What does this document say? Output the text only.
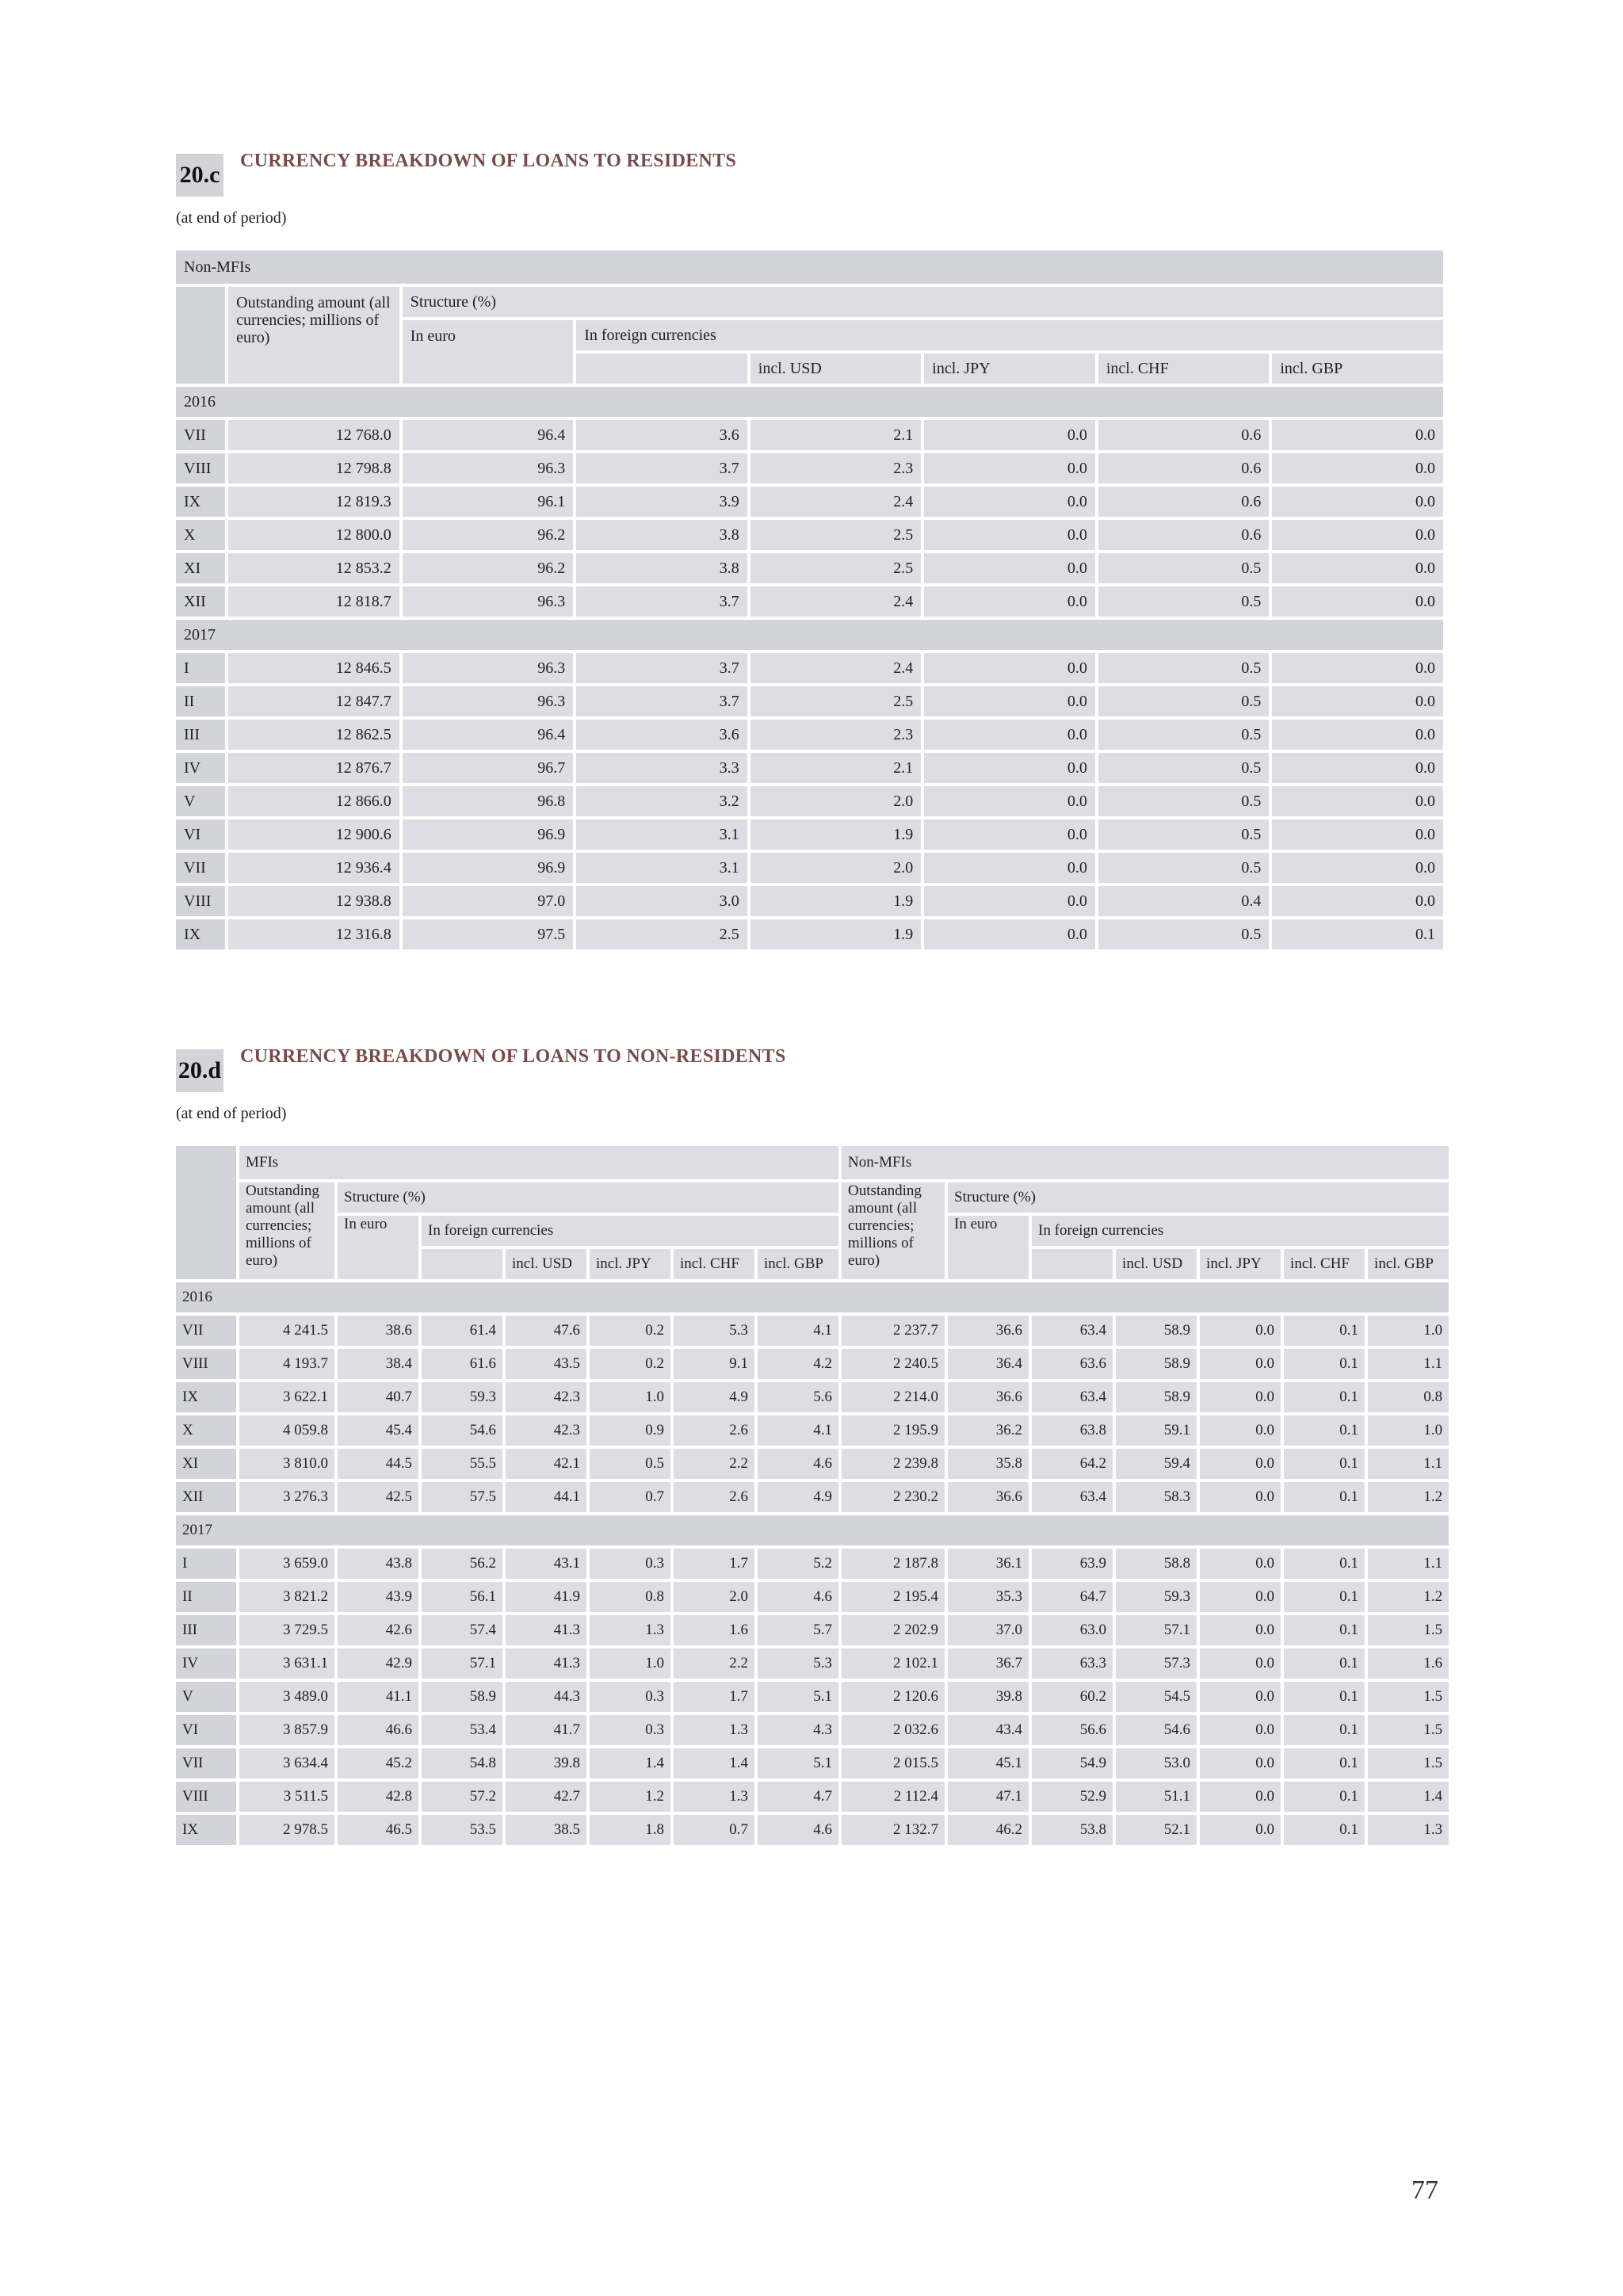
20.c
CURRENCY BREAKDOWN OF LOANS TO RESIDENTS
(at end of period)
Non-MFIs							
	Outstanding amount (all currencies; millions of euro)	Structure (%)					
		In euro	In foreign currencies				
				incl. USD	incl. JPY	incl. CHF	incl. GBP
2016							
VII	12 768.0	96.4	3.6	2.1	0.0	0.6	0.0
VIII	12 798.8	96.3	3.7	2.3	0.0	0.6	0.0
IX	12 819.3	96.1	3.9	2.4	0.0	0.6	0.0
X	12 800.0	96.2	3.8	2.5	0.0	0.6	0.0
XI	12 853.2	96.2	3.8	2.5	0.0	0.5	0.0
XII	12 818.7	96.3	3.7	2.4	0.0	0.5	0.0
2017							
I	12 846.5	96.3	3.7	2.4	0.0	0.5	0.0
II	12 847.7	96.3	3.7	2.5	0.0	0.5	0.0
III	12 862.5	96.4	3.6	2.3	0.0	0.5	0.0
IV	12 876.7	96.7	3.3	2.1	0.0	0.5	0.0
V	12 866.0	96.8	3.2	2.0	0.0	0.5	0.0
VI	12 900.6	96.9	3.1	1.9	0.0	0.5	0.0
VII	12 936.4	96.9	3.1	2.0	0.0	0.5	0.0
VIII	12 938.8	97.0	3.0	1.9	0.0	0.4	0.0
IX	12 316.8	97.5	2.5	1.9	0.0	0.5	0.1
20.d
CURRENCY BREAKDOWN OF LOANS TO NON-RESIDENTS
(at end of period)
	MFIs							Non-MFIs						
	Outstanding amount (all currencies; millions of euro)	Structure (%)						Outstanding amount (all currencies; millions of euro)	Structure (%)					
		In euro	In foreign currencies						In euro	In foreign currencies				
				incl. USD	incl. JPY	incl. CHF	incl. GBP				incl. USD	incl. JPY	incl. CHF	incl. GBP
2016														
VII	4 241.5	38.6	61.4	47.6	0.2	5.3	4.1	2 237.7	36.6	63.4	58.9	0.0	0.1	1.0
VIII	4 193.7	38.4	61.6	43.5	0.2	9.1	4.2	2 240.5	36.4	63.6	58.9	0.0	0.1	1.1
IX	3 622.1	40.7	59.3	42.3	1.0	4.9	5.6	2 214.0	36.6	63.4	58.9	0.0	0.1	0.8
X	4 059.8	45.4	54.6	42.3	0.9	2.6	4.1	2 195.9	36.2	63.8	59.1	0.0	0.1	1.0
XI	3 810.0	44.5	55.5	42.1	0.5	2.2	4.6	2 239.8	35.8	64.2	59.4	0.0	0.1	1.1
XII	3 276.3	42.5	57.5	44.1	0.7	2.6	4.9	2 230.2	36.6	63.4	58.3	0.0	0.1	1.2
2017														
I	3 659.0	43.8	56.2	43.1	0.3	1.7	5.2	2 187.8	36.1	63.9	58.8	0.0	0.1	1.1
II	3 821.2	43.9	56.1	41.9	0.8	2.0	4.6	2 195.4	35.3	64.7	59.3	0.0	0.1	1.2
III	3 729.5	42.6	57.4	41.3	1.3	1.6	5.7	2 202.9	37.0	63.0	57.1	0.0	0.1	1.5
IV	3 631.1	42.9	57.1	41.3	1.0	2.2	5.3	2 102.1	36.7	63.3	57.3	0.0	0.1	1.6
V	3 489.0	41.1	58.9	44.3	0.3	1.7	5.1	2 120.6	39.8	60.2	54.5	0.0	0.1	1.5
VI	3 857.9	46.6	53.4	41.7	0.3	1.3	4.3	2 032.6	43.4	56.6	54.6	0.0	0.1	1.5
VII	3 634.4	45.2	54.8	39.8	1.4	1.4	5.1	2 015.5	45.1	54.9	53.0	0.0	0.1	1.5
VIII	3 511.5	42.8	57.2	42.7	1.2	1.3	4.7	2 112.4	47.1	52.9	51.1	0.0	0.1	1.4
IX	2 978.5	46.5	53.5	38.5	1.8	0.7	4.6	2 132.7	46.2	53.8	52.1	0.0	0.1	1.3
77
